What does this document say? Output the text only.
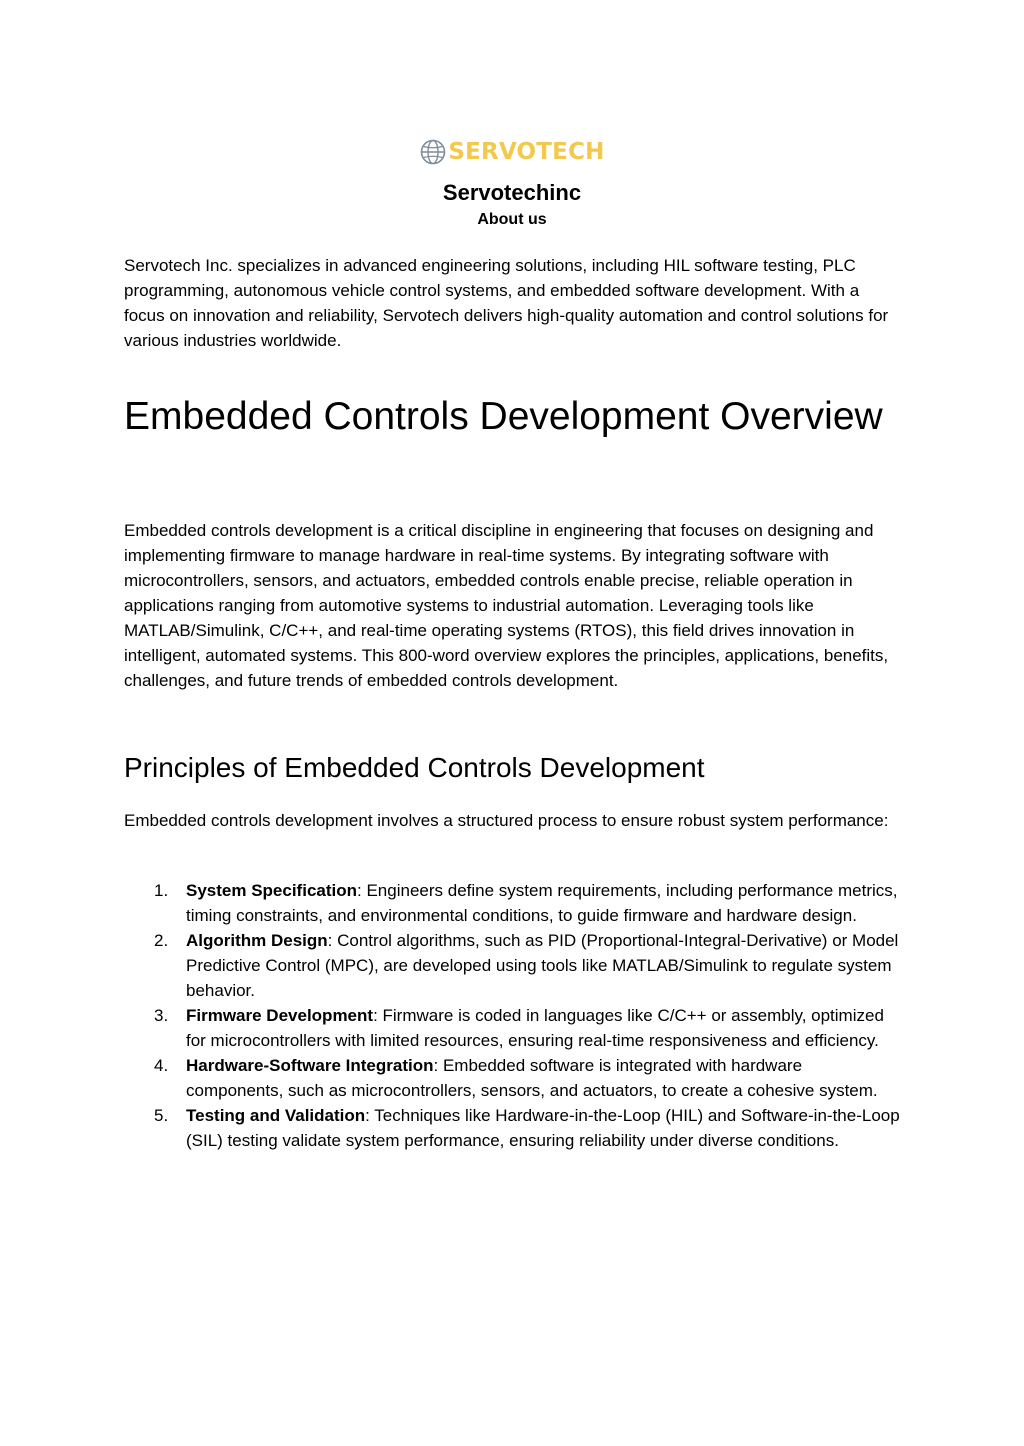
SERVOTECH
Servotechinc
About us

Servotech Inc. specializes in advanced engineering solutions, including HIL software testing, PLC programming, autonomous vehicle control systems, and embedded software development. With a focus on innovation and reliability, Servotech delivers high-quality automation and control solutions for various industries worldwide.

Embedded Controls Development Overview

Embedded controls development is a critical discipline in engineering that focuses on designing and implementing firmware to manage hardware in real-time systems. By integrating software with microcontrollers, sensors, and actuators, embedded controls enable precise, reliable operation in applications ranging from automotive systems to industrial automation. Leveraging tools like MATLAB/Simulink, C/C++, and real-time operating systems (RTOS), this field drives innovation in intelligent, automated systems. This 800-word overview explores the principles, applications, benefits, challenges, and future trends of embedded controls development.

Principles of Embedded Controls Development

Embedded controls development involves a structured process to ensure robust system performance:

1. System Specification: Engineers define system requirements, including performance metrics, timing constraints, and environmental conditions, to guide firmware and hardware design.
2. Algorithm Design: Control algorithms, such as PID (Proportional-Integral-Derivative) or Model Predictive Control (MPC), are developed using tools like MATLAB/Simulink to regulate system behavior.
3. Firmware Development: Firmware is coded in languages like C/C++ or assembly, optimized for microcontrollers with limited resources, ensuring real-time responsiveness and efficiency.
4. Hardware-Software Integration: Embedded software is integrated with hardware components, such as microcontrollers, sensors, and actuators, to create a cohesive system.
5. Testing and Validation: Techniques like Hardware-in-the-Loop (HIL) and Software-in-the-Loop (SIL) testing validate system performance, ensuring reliability under diverse conditions.
